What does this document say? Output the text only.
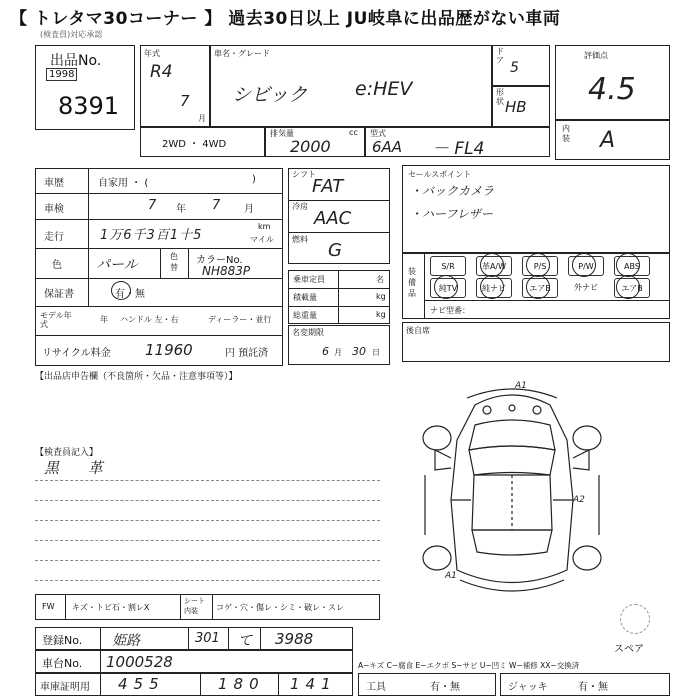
【 トレタマ30コーナー 】 過去30日以上 JU岐阜に出品歴がない車両
(検査員)対応承認
出品No.
1998
8391
年式
R4
7
月
車名・グレード
シビック	e:HEV
ドア 5
形状 HB
評価点
4.5
内装 A
2WD ・ 4WD
排気量	cc
2000
型式
6AA － FL4
車歴	自家用 ・ (	)
車検	7 年 7 月
走行	1万6千3百1十5
km
マイル
色 パール
色替
カラーNo.
NH883P
保証書	有・無
モデル年式
年 ハンドル 左・右	ディーラー・並行
リサイクル料金 11960	円 預託済
シフト
FAT
冷房
AAC
燃料
G
乗車定員	名
積載量	kg
総重量	kg
名変期限
6 月 30 日
セールスポイント
・バックカメラ
・ハーフレザー
装備品
S/R	革A/W	P/S	P/W	ABS
純TV	純ナビ	エアB	外ナビ	エアB
ナビ型番：
後自席
【出品店申告欄（不良箇所・欠品・注意事項等）】
【検査員記入】
黒 革
FW キズ・トビ石・割レX
シート内装	コゲ・穴・傷レ・シミ・破レ・スレ
登録No. 姫路	301 て 3988
車台No. 1000528
車庫証明用 455	180 141	工具	有・無	ジャッキ	有・無
A−キズ C−腐食 E−エクボ S−サビ U−凹ミ W−補修 XX−交換済
スペア
A1
A2
A1
